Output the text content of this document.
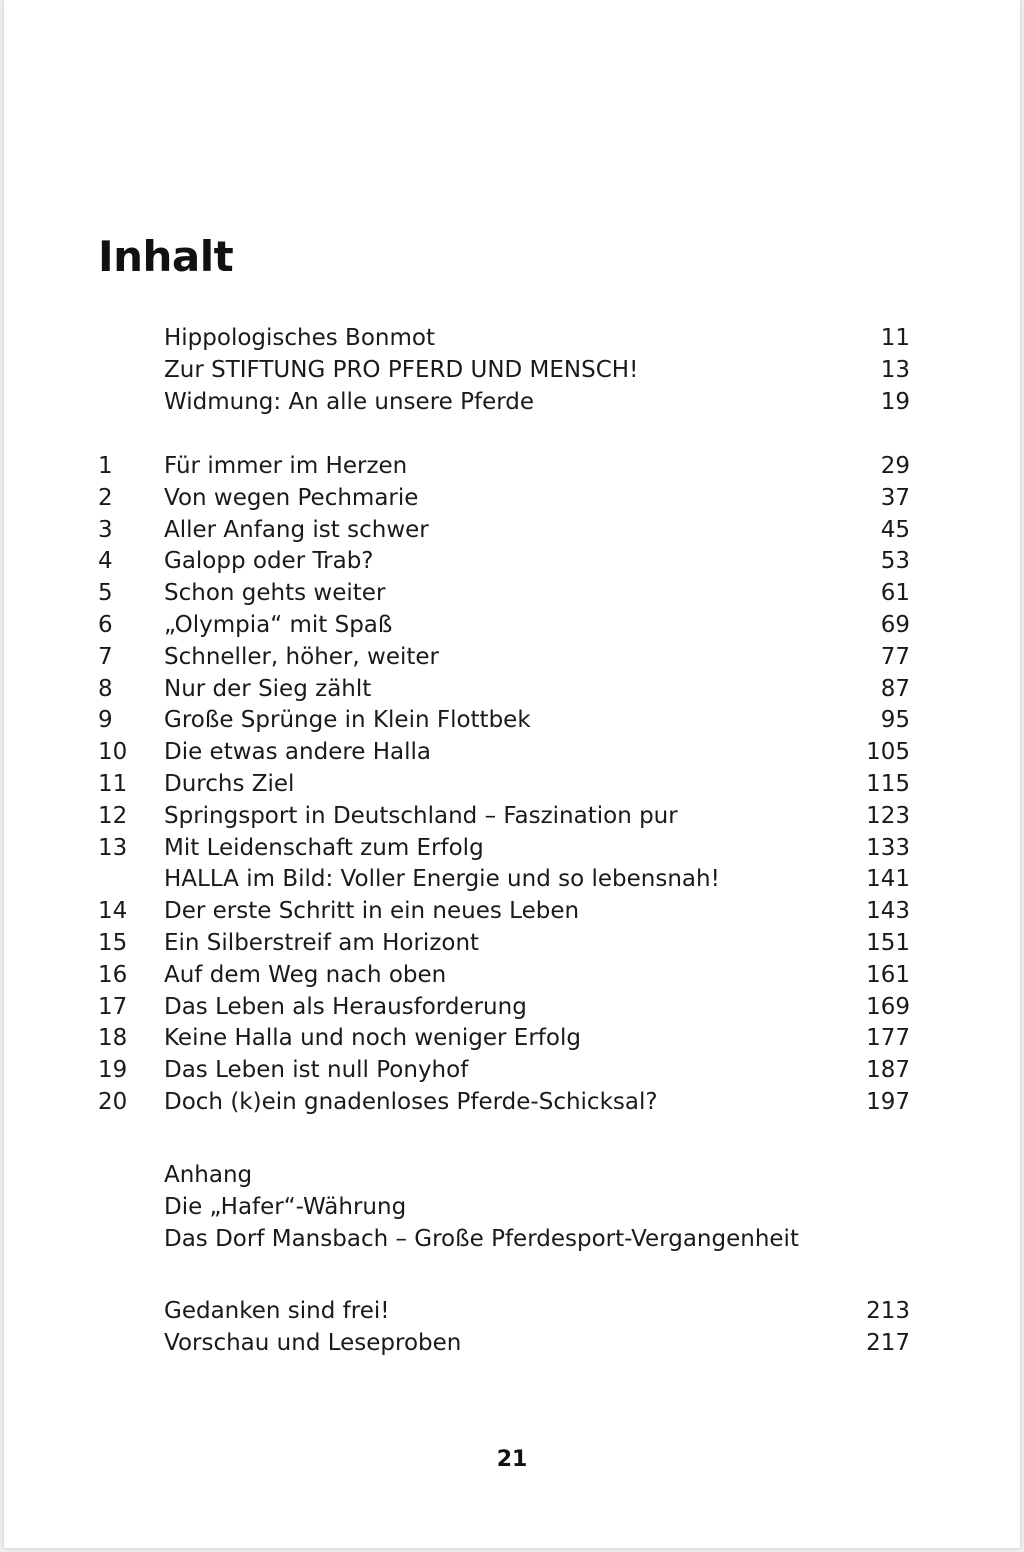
Inhalt
Hippologisches Bonmot	11
Zur STIFTUNG PRO PFERD UND MENSCH!	13
Widmung: An alle unsere Pferde	19
1 Für immer im Herzen	29
2 Von wegen Pechmarie	37
3 Aller Anfang ist schwer	45
4 Galopp oder Trab?	53
5 Schon gehts weiter	61
6 „Olympia“ mit Spaß	69
7 Schneller, höher, weiter	77
8 Nur der Sieg zählt	87
9 Große Sprünge in Klein Flottbek	95
10 Die etwas andere Halla	105
11 Durchs Ziel	115
12 Springsport in Deutschland – Faszination pur	123
13 Mit Leidenschaft zum Erfolg	133
HALLA im Bild: Voller Energie und so lebensnah!	141
14 Der erste Schritt in ein neues Leben	143
15 Ein Silberstreif am Horizont	151
16 Auf dem Weg nach oben	161
17 Das Leben als Herausforderung	169
18 Keine Halla und noch weniger Erfolg	177
19 Das Leben ist null Ponyhof	187
20 Doch (k)ein gnadenloses Pferde-Schicksal?	197
Anhang
Die „Hafer“-Währung
Das Dorf Mansbach – Große Pferdesport-Vergangenheit
Gedanken sind frei!	213
Vorschau und Leseproben	217
21
